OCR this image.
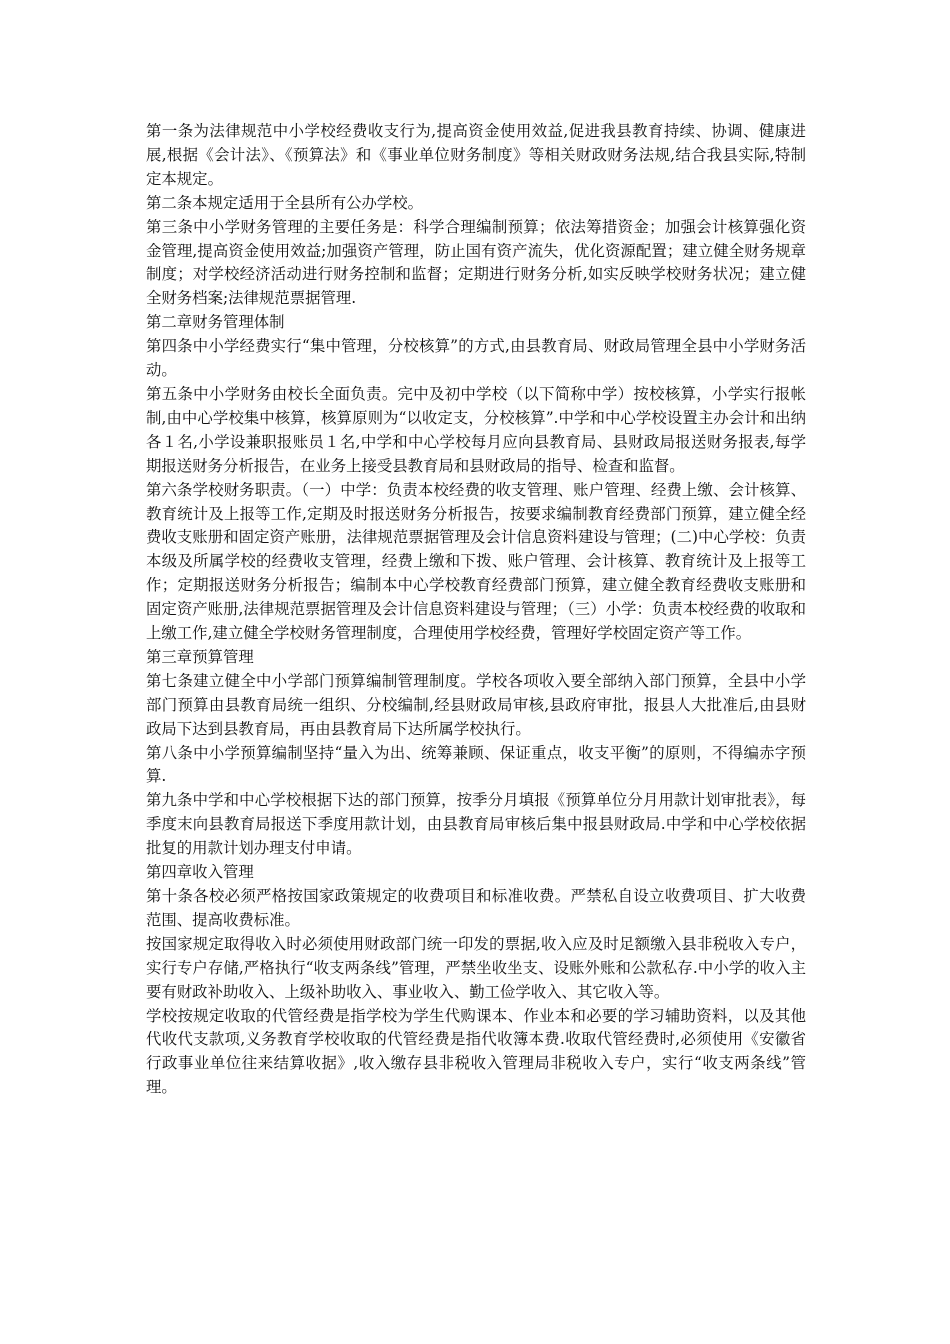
第一条为法律规范中小学校经费收支行为,提高资金使用效益,促进我县教育持续、协调、健康进展,根据《会计法》、《预算法》和《事业单位财务制度》等相关财政财务法规,结合我县实际,特制定本规定。

第二条本规定适用于全县所有公办学校。

第三条中小学财务管理的主要任务是：科学合理编制预算；依法筹措资金；加强会计核算强化资金管理,提高资金使用效益;加强资产管理，防止国有资产流失，优化资源配置；建立健全财务规章制度；对学校经济活动进行财务控制和监督；定期进行财务分析,如实反映学校财务状况；建立健全财务档案;法律规范票据管理.

第二章财务管理体制

第四条中小学经费实行“集中管理，分校核算”的方式,由县教育局、财政局管理全县中小学财务活动。

第五条中小学财务由校长全面负责。完中及初中学校（以下简称中学）按校核算，小学实行报帐制,由中心学校集中核算，核算原则为“以收定支，分校核算”.中学和中心学校设置主办会计和出纳各１名,小学设兼职报账员１名,中学和中心学校每月应向县教育局、县财政局报送财务报表,每学期报送财务分析报告，在业务上接受县教育局和县财政局的指导、检查和监督。

第六条学校财务职责。（一）中学：负责本校经费的收支管理、账户管理、经费上缴、会计核算、教育统计及上报等工作,定期及时报送财务分析报告，按要求编制教育经费部门预算，建立健全经费收支账册和固定资产账册，法律规范票据管理及会计信息资料建设与管理；(二)中心学校：负责本级及所属学校的经费收支管理，经费上缴和下拨、账户管理、会计核算、教育统计及上报等工作；定期报送财务分析报告；编制本中心学校教育经费部门预算，建立健全教育经费收支账册和固定资产账册,法律规范票据管理及会计信息资料建设与管理；（三）小学：负责本校经费的收取和上缴工作,建立健全学校财务管理制度，合理使用学校经费，管理好学校固定资产等工作。

第三章预算管理

第七条建立健全中小学部门预算编制管理制度。学校各项收入要全部纳入部门预算，全县中小学部门预算由县教育局统一组织、分校编制,经县财政局审核,县政府审批，报县人大批准后,由县财政局下达到县教育局，再由县教育局下达所属学校执行。

第八条中小学预算编制坚持“量入为出、统筹兼顾、保证重点，收支平衡”的原则，不得编赤字预算.

第九条中学和中心学校根据下达的部门预算，按季分月填报《预算单位分月用款计划审批表》，每季度末向县教育局报送下季度用款计划，由县教育局审核后集中报县财政局.中学和中心学校依据批复的用款计划办理支付申请。

第四章收入管理

第十条各校必须严格按国家政策规定的收费项目和标准收费。严禁私自设立收费项目、扩大收费范围、提高收费标准。

按国家规定取得收入时必须使用财政部门统一印发的票据,收入应及时足额缴入县非税收入专户，实行专户存储,严格执行“收支两条线”管理，严禁坐收坐支、设账外账和公款私存.中小学的收入主要有财政补助收入、上级补助收入、事业收入、勤工俭学收入、其它收入等。

学校按规定收取的代管经费是指学校为学生代购课本、作业本和必要的学习辅助资料，以及其他代收代支款项,义务教育学校收取的代管经费是指代收簿本费.收取代管经费时,必须使用《安徽省行政事业单位往来结算收据》,收入缴存县非税收入管理局非税收入专户，实行“收支两条线”管理。
